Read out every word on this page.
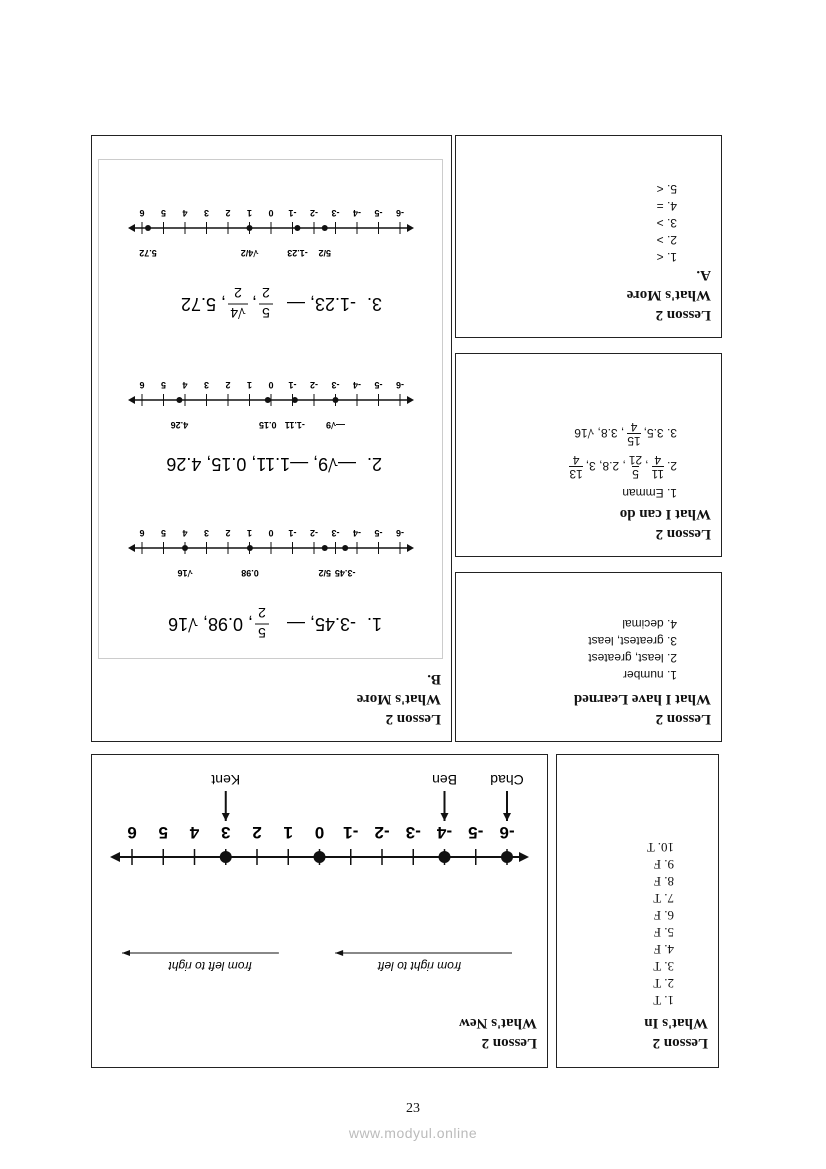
Lesson 2

What's In

1. T
2. T
3. T
4. F
5. F
6. F
7. T
8. F
9. F
10. T

Lesson 2

What's New

from right to left
from left to right
-6
-5
-4
-3
-2
-1
0
1
2
3
4
5
6
Chad
Ben
Kent

Lesson 2

What's More

A.

1. <
2. >
3. >
4. =
5. <

Lesson 2

What I can do

1. Emman
2.
11
4
,
5
21
, 2.8, 3,
13
4
3. 3.5,
15
4
, 3.8, √16

Lesson 2

What I have Learned

1. number
2. least, greatest
3. greatest, least
4. decimal

Lesson 2

What's More

B.

1.
-3.45, —
5
2
, 0.98, √16
-3.45
5/2
0.98
√16
-6
-5
-4
-3
-2
-1
0
1
2
3
4
5
6
2.
—√9, —1.11, 0.15, 4.26
—√9
-1.11
0.15
4.26
-6
-5
-4
-3
-2
-1
0
1
2
3
4
5
6
3.
-1.23, —
5
2
,
√4
2
, 5.72
-1.23 5/2
√4/2
5.72
-6
-5
-4
-3
-2
-1
0
1
2
3
4
5
6
23
www.modyul.online
